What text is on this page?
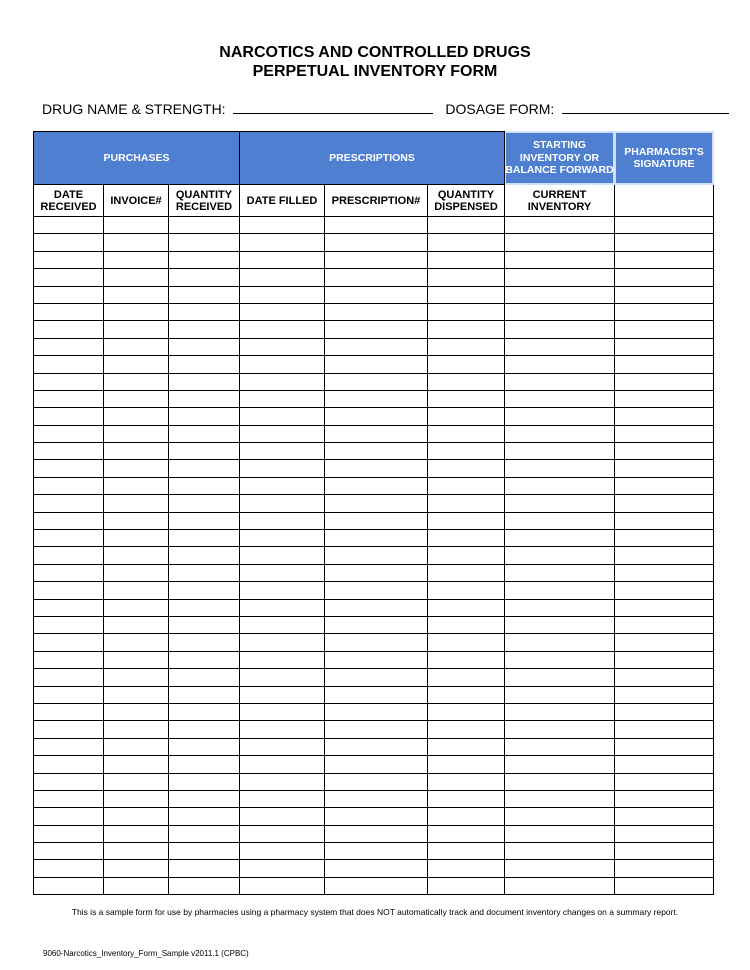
NARCOTICS AND CONTROLLED DRUGS
PERPETUAL INVENTORY FORM
DRUG NAME & STRENGTH:	DOSAGE FORM:
PURCHASES			PRESCRIPTIONS			STARTING INVENTORY OR BALANCE FORWARD	PHARMACIST'S SIGNATURE
DATE RECEIVED	INVOICE#	QUANTITY RECEIVED	DATE FILLED	PRESCRIPTION#	QUANTITY DISPENSED	CURRENT INVENTORY	

This is a sample form for use by pharmacies using a pharmacy system that does NOT automatically track and document inventory changes on a summary report.
9060-Narcotics_Inventory_Form_Sample v2011.1 (CPBC)
